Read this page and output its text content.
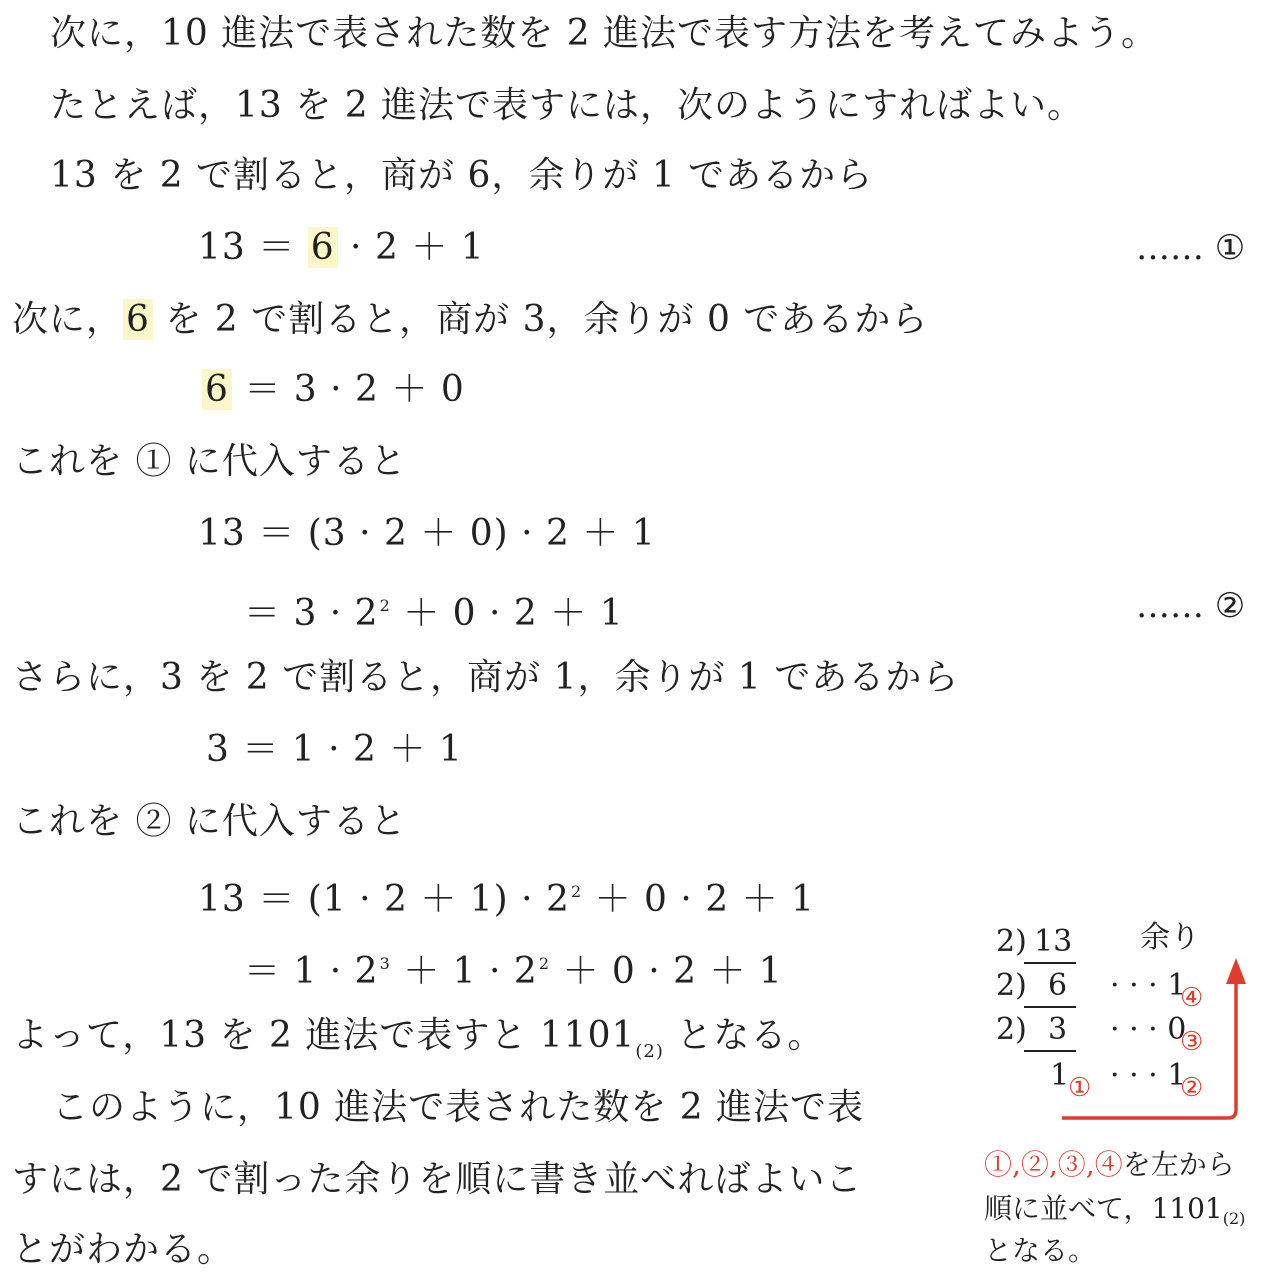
次に，10 進法で表された数を 2 進法で表す方法を考えてみよう。
たとえば，13 を 2 進法で表すには，次のようにすればよい。
13 を 2 で割ると，商が 6，余りが 1 であるから
13 ＝ 6 · 2 ＋ 1	…… ①
次に，6 を 2 で割ると，商が 3，余りが 0 であるから
6 ＝ 3 · 2 ＋ 0
これを ① に代入すると
13 ＝ (3 · 2 ＋ 0) · 2 ＋ 1
＝ $3 \cdot 2^2 + 0 \cdot 2 + 1$	…… ②
さらに，3 を 2 で割ると，商が 1，余りが 1 であるから
3 ＝ 1 · 2 ＋ 1
これを ② に代入すると
$13 = (1 \cdot 2 + 1) \cdot 2^2 + 0 \cdot 2 + 1$
＝ $1 \cdot 2^3 + 1 \cdot 2^2 + 0 \cdot 2 + 1$
よって，13 を 2 進法で表すと $1101_{(2)}$ となる。
このように，10 進法で表された数を 2 進法で表
すには，2 で割った余りを順に書き並べればよいこ
とがわかる。
余り
2) 13
2) 6 · · · 1
④
2) 3 · · · 0
③
1
① · · · 1
②
①,②,③,④を左から
順に並べて，$1101_{(2)}$
となる。
